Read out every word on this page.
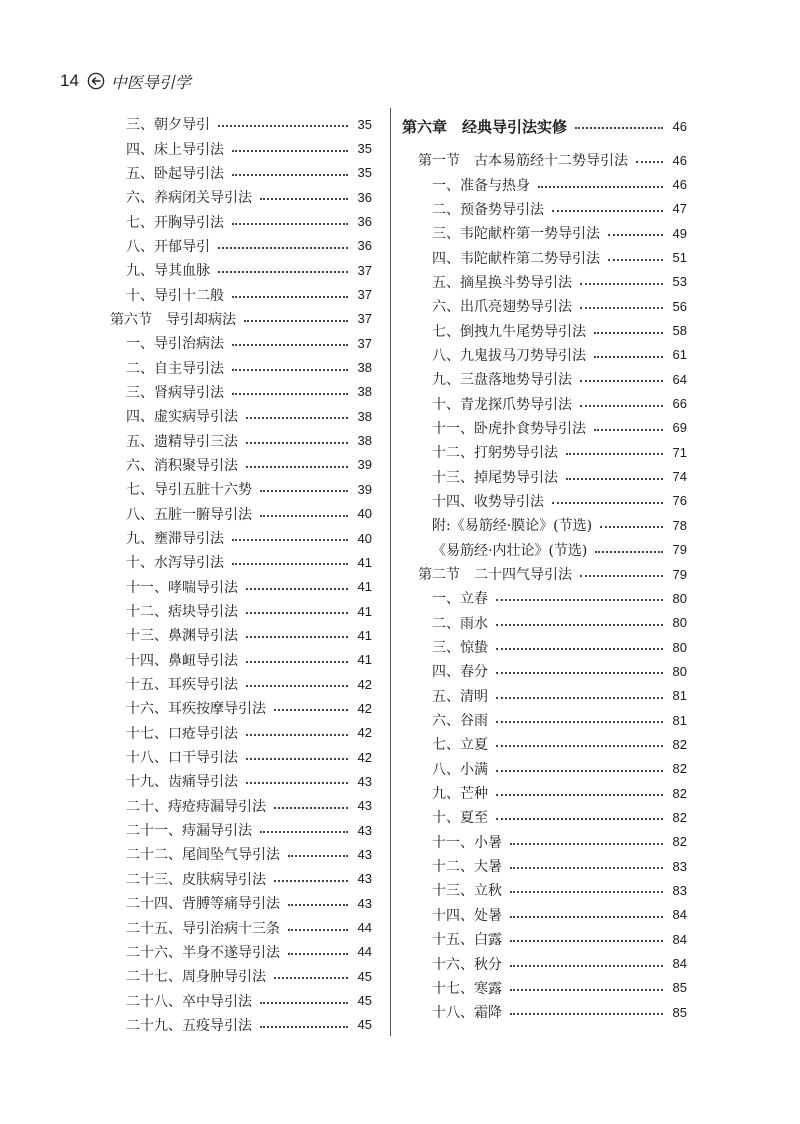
14 中医导引学
三、朝夕导引	35
四、床上导引法	35
五、卧起导引法	35
六、养病闭关导引法	36
七、开胸导引法	36
八、开郁导引	36
九、导其血脉	37
十、导引十二般	37
第六节　导引却病法	37
一、导引治病法	37
二、自主导引法	38
三、肾病导引法	38
四、虚实病导引法	38
五、遗精导引三法	38
六、消积聚导引法	39
七、导引五脏十六势	39
八、五脏一腑导引法	40
九、壅滞导引法	40
十、水泻导引法	41
十一、哮喘导引法	41
十二、痞块导引法	41
十三、鼻渊导引法	41
十四、鼻衄导引法	41
十五、耳疾导引法	42
十六、耳疾按摩导引法	42
十七、口疮导引法	42
十八、口干导引法	42
十九、齿痛导引法	43
二十、痔疮痔漏导引法	43
二十一、痔漏导引法	43
二十二、尾闾坠气导引法	43
二十三、皮肤病导引法	43
二十四、背膊等痛导引法	43
二十五、导引治病十三条	44
二十六、半身不遂导引法	44
二十七、周身肿导引法	45
二十八、卒中导引法	45
二十九、五疫导引法	45
第六章　经典导引法实修	46
第一节　古本易筋经十二势导引法	46
一、准备与热身	46
二、预备势导引法	47
三、韦陀献杵第一势导引法	49
四、韦陀献杵第二势导引法	51
五、摘星换斗势导引法	53
六、出爪亮翅势导引法	56
七、倒拽九牛尾势导引法	58
八、九鬼拔马刀势导引法	61
九、三盘落地势导引法	64
十、青龙探爪势导引法	66
十一、卧虎扑食势导引法	69
十二、打躬势导引法	71
十三、掉尾势导引法	74
十四、收势导引法	76
附:《易筋经·膜论》(节选)	78
《易筋经·内壮论》(节选)	79
第二节　二十四气导引法	79
一、立春	80
二、雨水	80
三、惊蛰	80
四、春分	80
五、清明	81
六、谷雨	81
七、立夏	82
八、小满	82
九、芒种	82
十、夏至	82
十一、小暑	82
十二、大暑	83
十三、立秋	83
十四、处暑	84
十五、白露	84
十六、秋分	84
十七、寒露	85
十八、霜降	85
